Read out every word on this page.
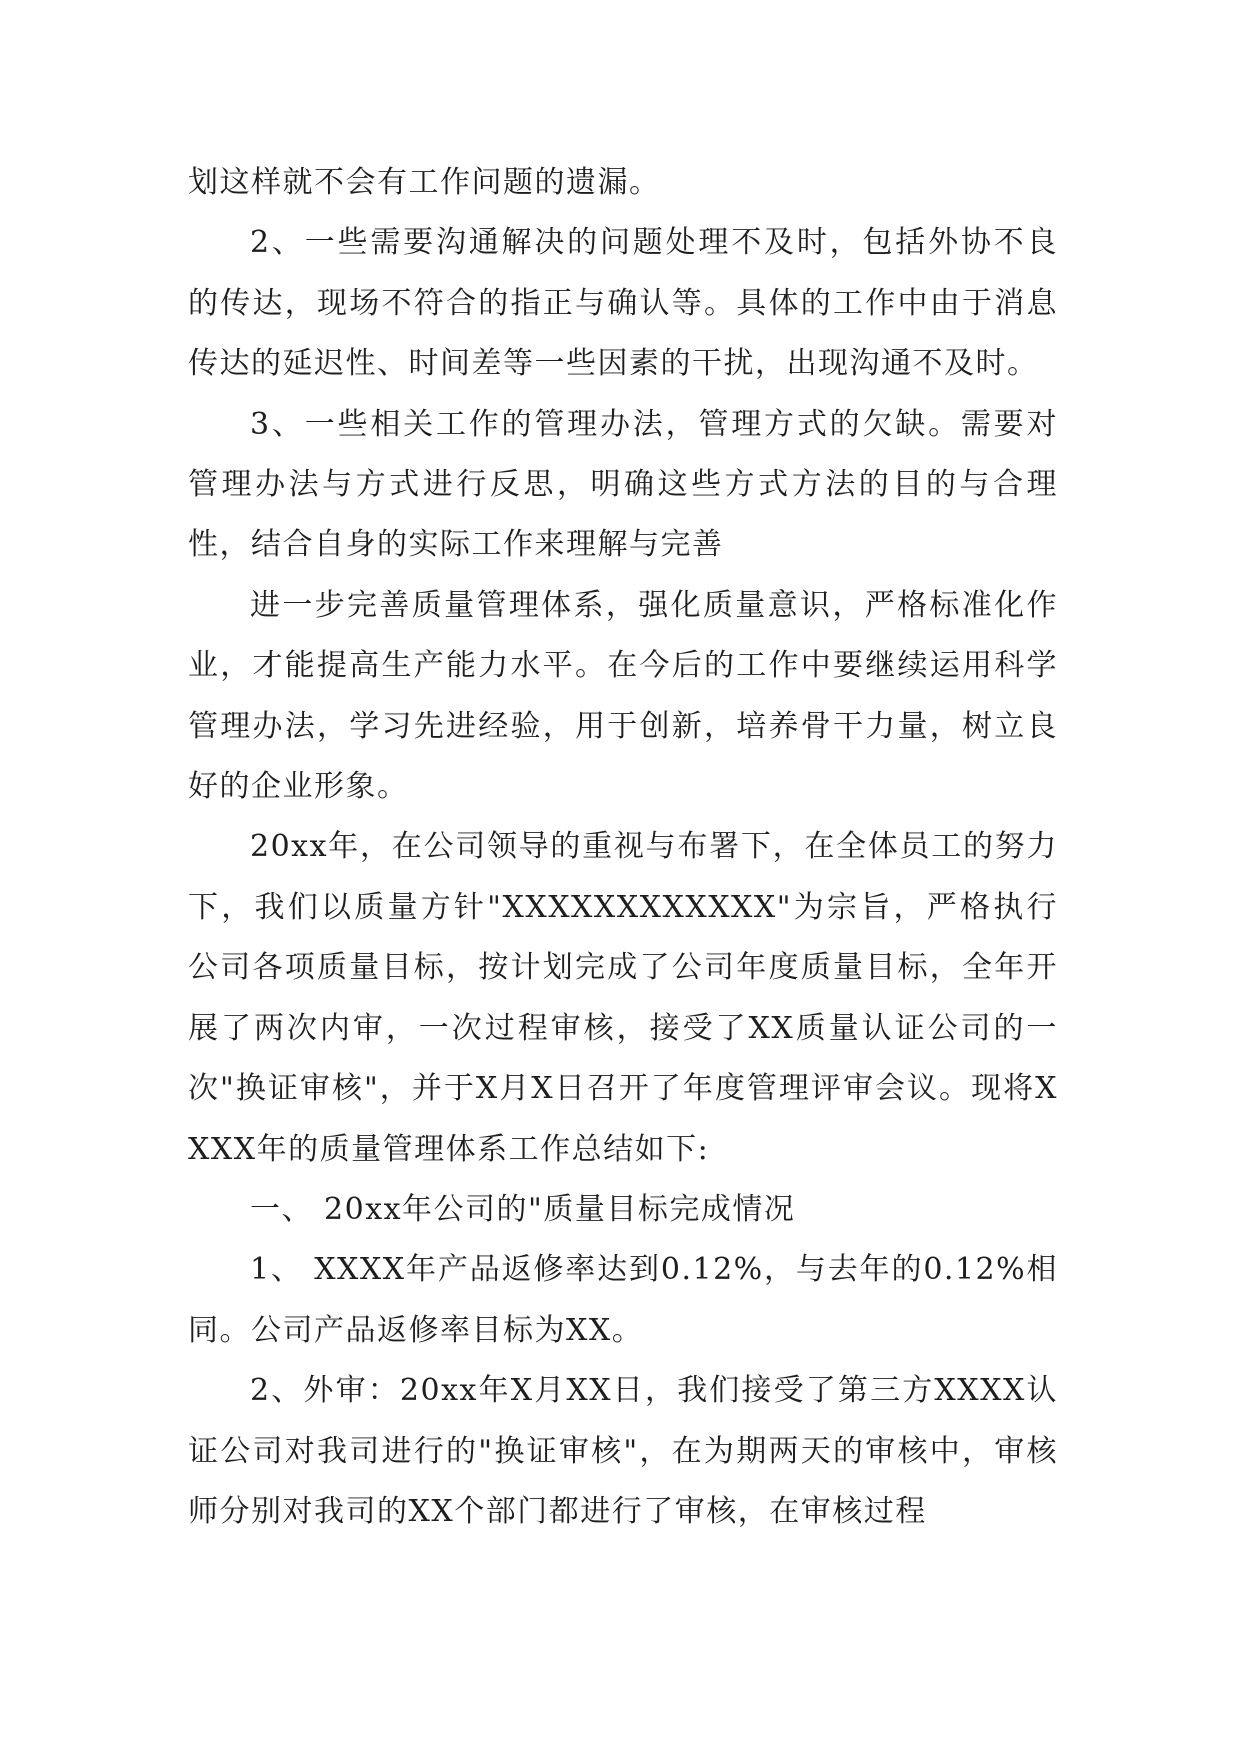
划这样就不会有工作问题的遗漏。

2、一些需要沟通解决的问题处理不及时，包括外协不良的传达，现场不符合的指正与确认等。具体的工作中由于消息传达的延迟性、时间差等一些因素的干扰，出现沟通不及时。

3、一些相关工作的管理办法，管理方式的欠缺。需要对管理办法与方式进行反思，明确这些方式方法的目的与合理性，结合自身的实际工作来理解与完善

进一步完善质量管理体系，强化质量意识，严格标准化作业，才能提高生产能力水平。在今后的工作中要继续运用科学管理办法，学习先进经验，用于创新，培养骨干力量，树立良好的企业形象。

20xx年，在公司领导的重视与布署下，在全体员工的努力下，我们以质量方针"XXXXXXXXXXXX"为宗旨，严格执行公司各项质量目标，按计划完成了公司年度质量目标，全年开展了两次内审，一次过程审核，接受了XX质量认证公司的一次"换证审核"，并于X月X日召开了年度管理评审会议。现将XXXX年的质量管理体系工作总结如下:

一、 20xx年公司的"质量目标完成情况

1、 XXXX年产品返修率达到0.12%，与去年的0.12%相同。公司产品返修率目标为XX。

2、外审：20xx年X月XX日，我们接受了第三方XXXX认证公司对我司进行的"换证审核"，在为期两天的审核中，审核师分别对我司的XX个部门都进行了审核，在审核过程
